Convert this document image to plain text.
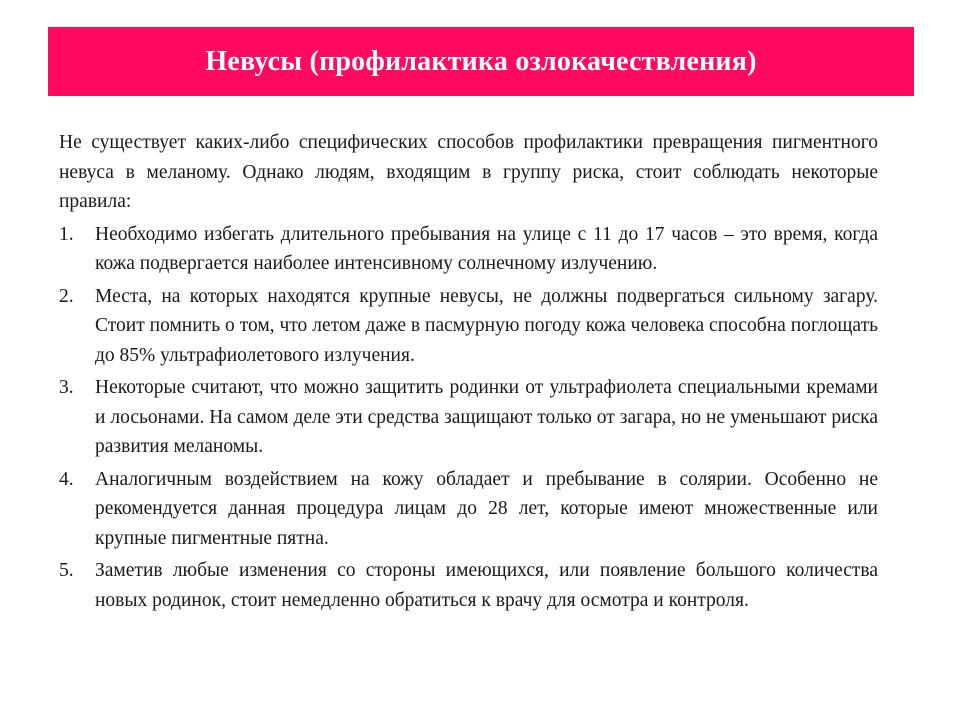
Невусы (профилактика озлокачествления)

Не существует каких-либо специфических способов профилактики превращения пигментного невуса в меланому. Однако людям, входящим в группу риска, стоит соблюдать некоторые правила:

1.	Необходимо избегать длительного пребывания на улице с 11 до 17 часов – это время, когда кожа подвергается наиболее интенсивному солнечному излучению.
2.	Места, на которых находятся крупные невусы, не должны подвергаться сильному загару. Стоит помнить о том, что летом даже в пасмурную погоду кожа человека способна поглощать до 85% ультрафиолетового излучения.
3.	Некоторые считают, что можно защитить родинки от ультрафиолета специальными кремами и лосьонами. На самом деле эти средства защищают только от загара, но не уменьшают риска развития меланомы.
4.	Аналогичным воздействием на кожу обладает и пребывание в солярии. Особенно не рекомендуется данная процедура лицам до 28 лет, которые имеют множественные или крупные пигментные пятна.
5.	Заметив любые изменения со стороны имеющихся, или появление большого количества новых родинок, стоит немедленно обратиться к врачу для осмотра и контроля.
